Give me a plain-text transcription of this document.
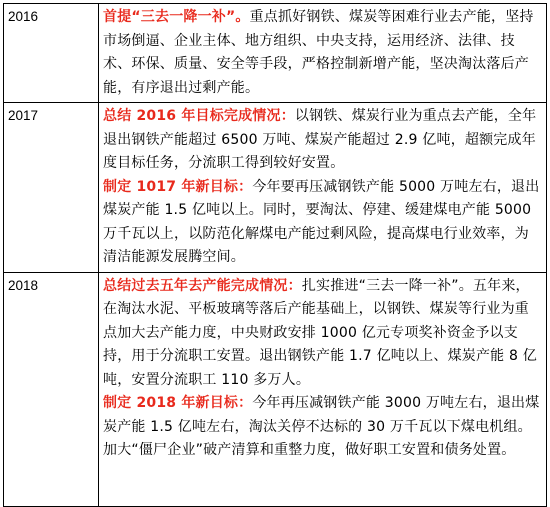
2016	首提“三去一降一补”。重点抓好钢铁、煤炭等困难行业去产能，坚持市场倒逼、企业主体、地方组织、中央支持，运用经济、法律、技术、环保、质量、安全等手段，严格控制新增产能，坚决淘汰落后产能，有序退出过剩产能。
2017	总结 2016 年目标完成情况：以钢铁、煤炭行业为重点去产能，全年退出钢铁产能超过 6500 万吨、煤炭产能超过 2.9 亿吨，超额完成年度目标任务，分流职工得到较好安置。
制定 1017 年新目标：今年要再压减钢铁产能 5000 万吨左右，退出煤炭产能 1.5 亿吨以上。同时，要淘汰、停建、缓建煤电产能 5000 万千瓦以上，以防范化解煤电产能过剩风险，提高煤电行业效率，为清洁能源发展腾空间。

2018	总结过去五年去产能完成情况：扎实推进“三去一降一补”。五年来，在淘汰水泥、平板玻璃等落后产能基础上，以钢铁、煤炭等行业为重点加大去产能力度，中央财政安排 1000 亿元专项奖补资金予以支持，用于分流职工安置。退出钢铁产能 1.7 亿吨以上、煤炭产能 8 亿吨，安置分流职工 110 多万人。
制定 2018 年新目标：今年再压减钢铁产能 3000 万吨左右，退出煤炭产能 1.5 亿吨左右，淘汰关停不达标的 30 万千瓦以下煤电机组。加大“僵尸企业”破产清算和重整力度，做好职工安置和债务处置。
